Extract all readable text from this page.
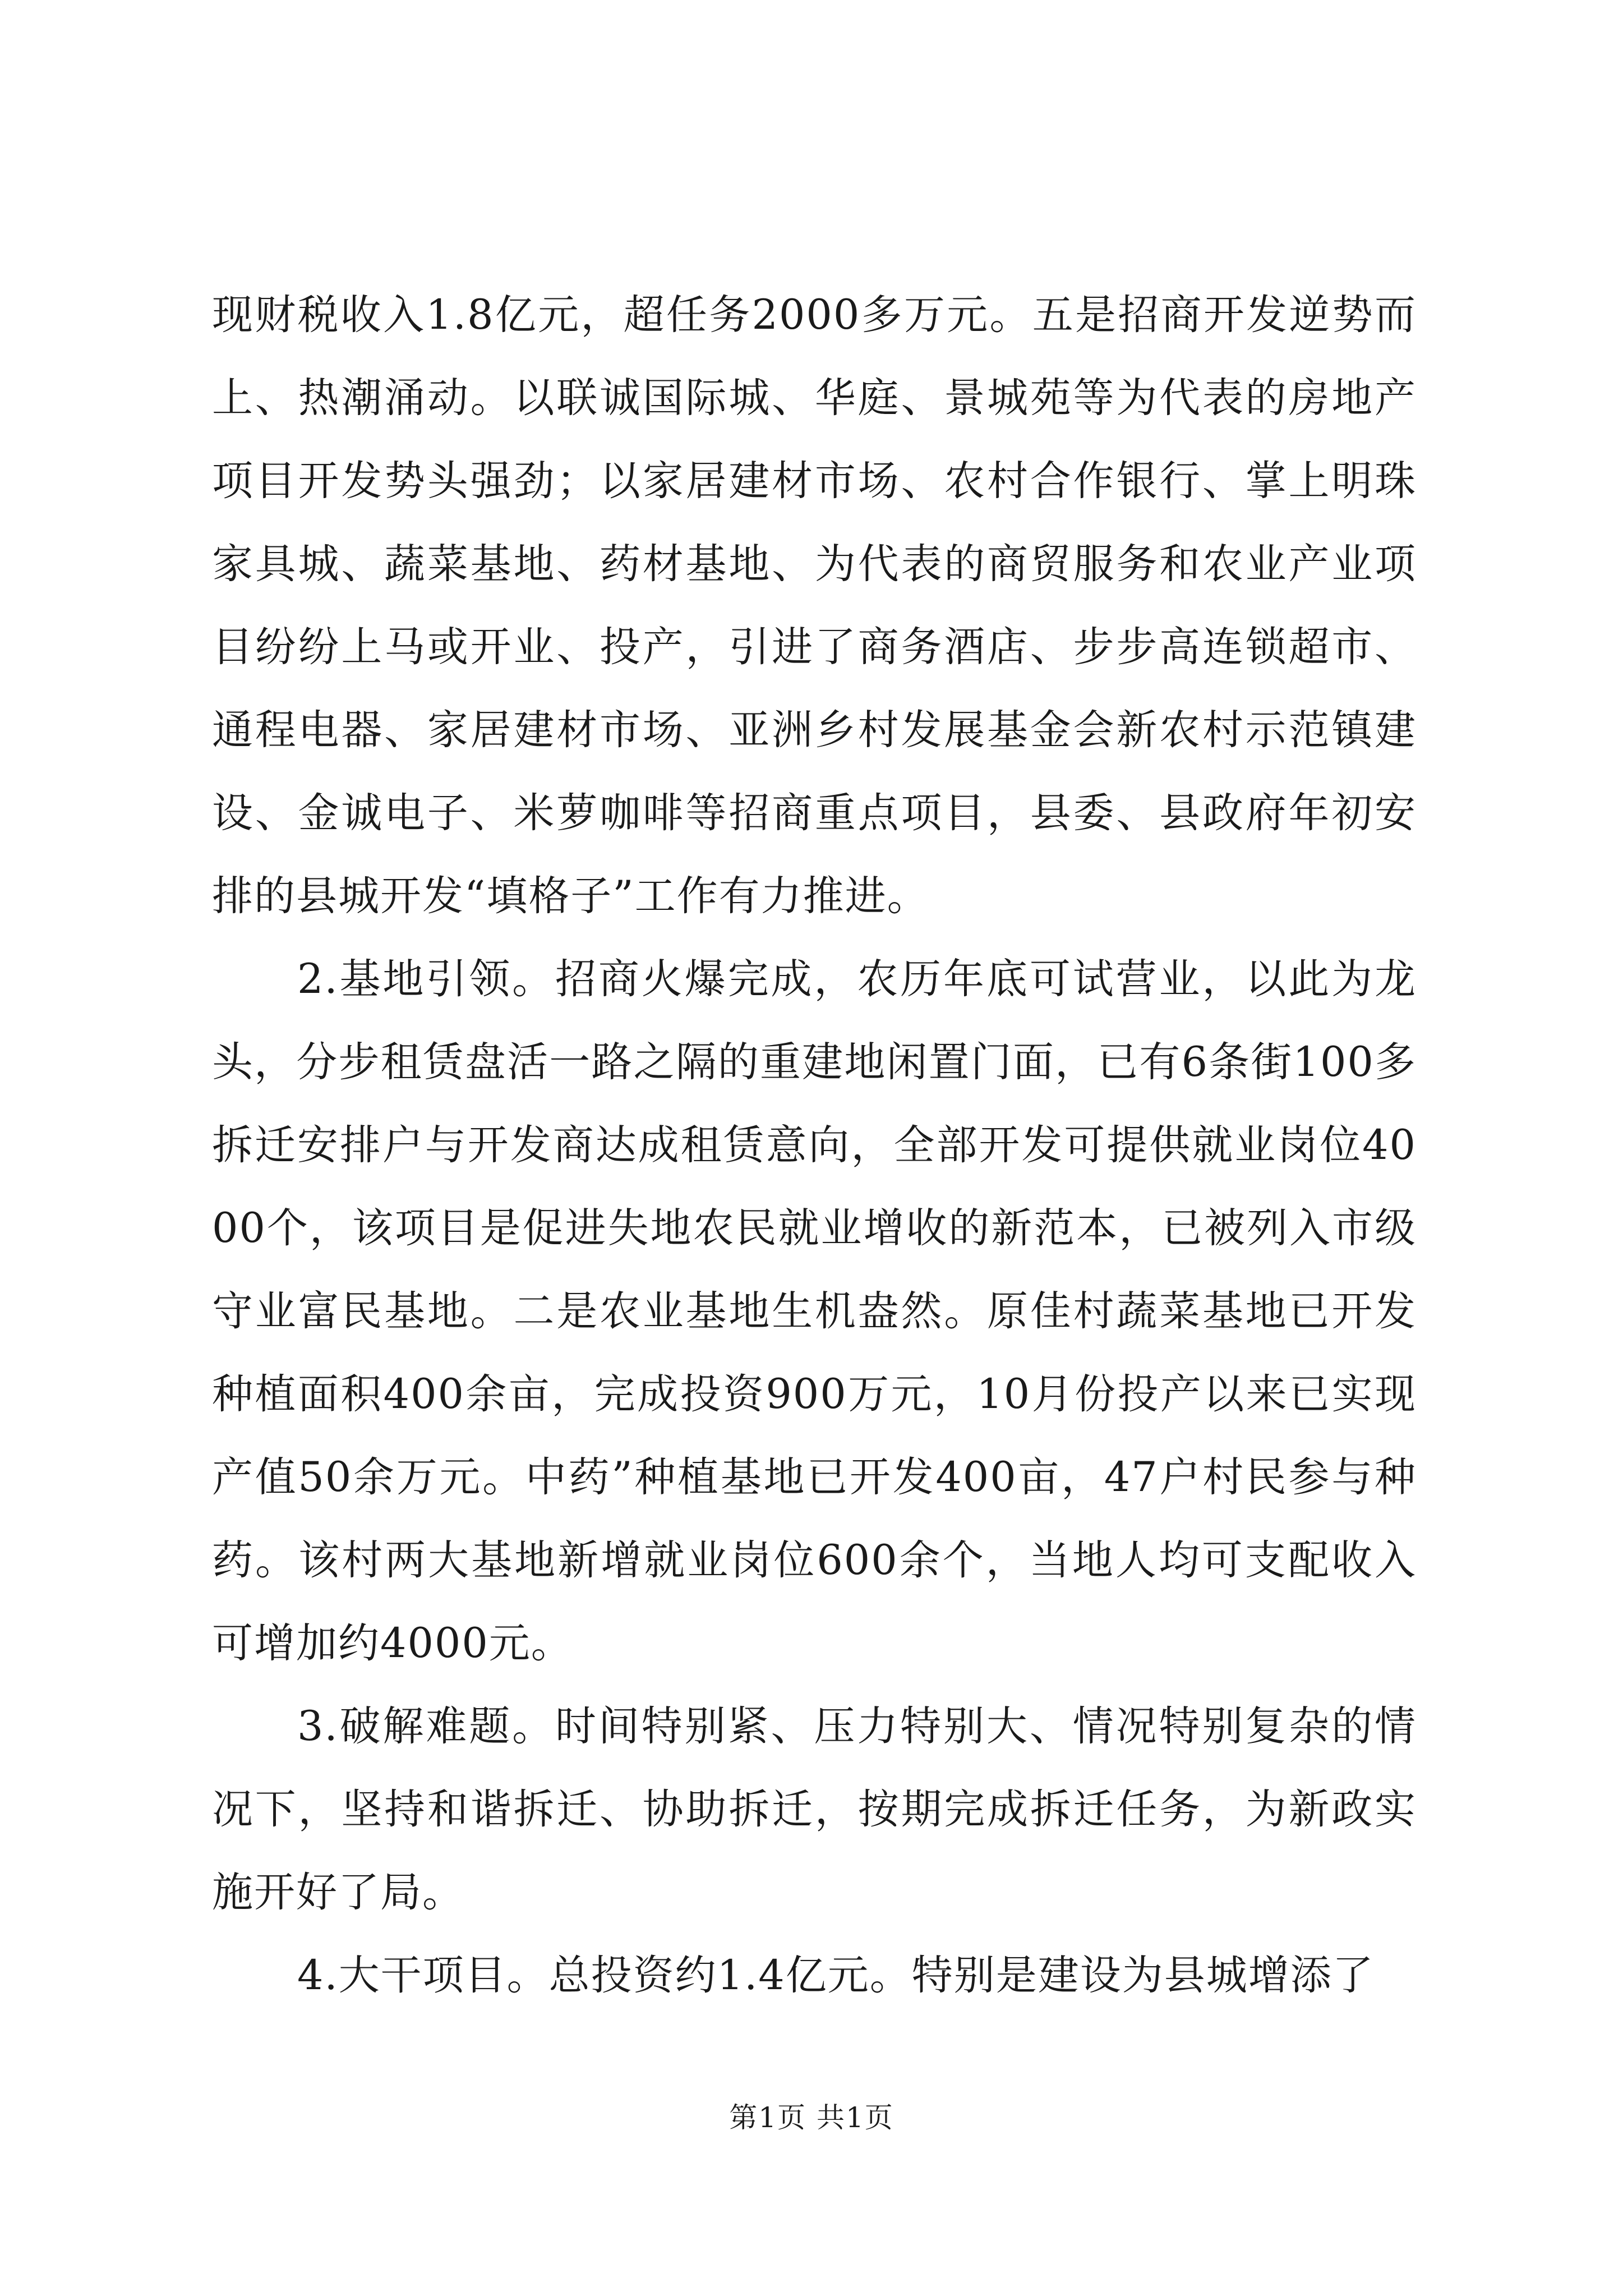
现财税收入1.8亿元，超任务2000多万元。五是招商开发逆势而上、热潮涌动。以联诚国际城、华庭、景城苑等为代表的房地产项目开发势头强劲；以家居建材市场、农村合作银行、掌上明珠家具城、蔬菜基地、药材基地、为代表的商贸服务和农业产业项目纷纷上马或开业、投产，引进了商务酒店、步步高连锁超市、通程电器、家居建材市场、亚洲乡村发展基金会新农村示范镇建设、金诚电子、米萝咖啡等招商重点项目，县委、县政府年初安排的县城开发“填格子”工作有力推进。

2.基地引领。招商火爆完成，农历年底可试营业，以此为龙头，分步租赁盘活一路之隔的重建地闲置门面，已有6条街100多拆迁安排户与开发商达成租赁意向，全部开发可提供就业岗位4000个，该项目是促进失地农民就业增收的新范本，已被列入市级守业富民基地。二是农业基地生机盎然。原佳村蔬菜基地已开发种植面积400余亩，完成投资900万元，10月份投产以来已实现产值50余万元。中药”种植基地已开发400亩，47户村民参与种药。该村两大基地新增就业岗位600余个，当地人均可支配收入可增加约4000元。

3.破解难题。时间特别紧、压力特别大、情况特别复杂的情况下，坚持和谐拆迁、协助拆迁，按期完成拆迁任务，为新政实施开好了局。

4.大干项目。总投资约1.4亿元。特别是建设为县城增添了

第1页 共1页
